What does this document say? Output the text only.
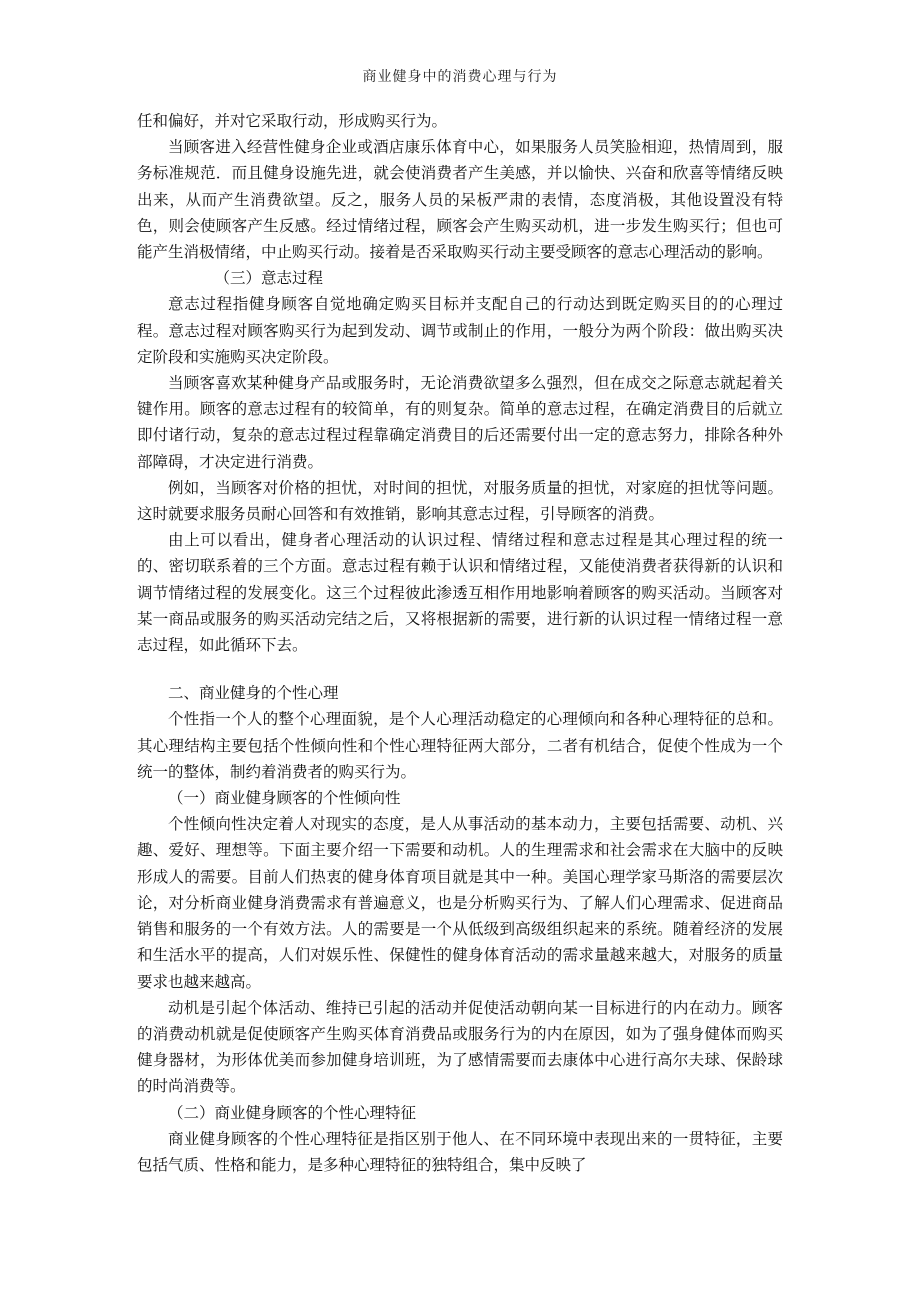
商业健身中的消费心理与行为

任和偏好，并对它采取行动，形成购买行为。

当顾客进入经营性健身企业或酒店康乐体育中心，如果服务人员笑脸相迎，热情周到，服务标准规范．而且健身设施先进，就会使消费者产生美感，并以愉快、兴奋和欣喜等情绪反映出来，从而产生消费欲望。反之，服务人员的呆板严肃的表情，态度消极，其他设置没有特色，则会使顾客产生反感。经过情绪过程，顾客会产生购买动机，进一步发生购买行；但也可能产生消极情绪，中止购买行动。接着是否采取购买行动主要受顾客的意志心理活动的影响。

（三）意志过程

意志过程指健身顾客自觉地确定购买目标并支配自己的行动达到既定购买目的的心理过程。意志过程对顾客购买行为起到发动、调节或制止的作用，一般分为两个阶段：做出购买决定阶段和实施购买决定阶段。

当顾客喜欢某种健身产品或服务时，无论消费欲望多么强烈，但在成交之际意志就起着关键作用。顾客的意志过程有的较简单，有的则复杂。简单的意志过程，在确定消费目的后就立即付诸行动，复杂的意志过程过程靠确定消费目的后还需要付出一定的意志努力，排除各种外部障碍，才决定进行消费。

例如，当顾客对价格的担忧，对时间的担忧，对服务质量的担忧，对家庭的担忧等问题。这时就要求服务员耐心回答和有效推销，影响其意志过程，引导顾客的消费。

由上可以看出，健身者心理活动的认识过程、情绪过程和意志过程是其心理过程的统一的、密切联系着的三个方面。意志过程有赖于认识和情绪过程，又能使消费者获得新的认识和调节情绪过程的发展变化。这三个过程彼此渗透互相作用地影响着顾客的购买活动。当顾客对某一商品或服务的购买活动完结之后，又将根据新的需要，进行新的认识过程一情绪过程一意志过程，如此循环下去。

二、商业健身的个性心理

个性指一个人的整个心理面貌，是个人心理活动稳定的心理倾向和各种心理特征的总和。其心理结构主要包括个性倾向性和个性心理特征两大部分，二者有机结合，促使个性成为一个统一的整体，制约着消费者的购买行为。

（一）商业健身顾客的个性倾向性

个性倾向性决定着人对现实的态度，是人从事活动的基本动力，主要包括需要、动机、兴趣、爱好、理想等。下面主要介绍一下需要和动机。人的生理需求和社会需求在大脑中的反映形成人的需要。目前人们热衷的健身体育项目就是其中一种。美国心理学家马斯洛的需要层次论，对分析商业健身消费需求有普遍意义，也是分析购买行为、了解人们心理需求、促进商品销售和服务的一个有效方法。人的需要是一个从低级到高级组织起来的系统。随着经济的发展和生活水平的提高，人们对娱乐性、保健性的健身体育活动的需求量越来越大，对服务的质量要求也越来越高。

动机是引起个体活动、维持已引起的活动并促使活动朝向某一目标进行的内在动力。顾客的消费动机就是促使顾客产生购买体育消费品或服务行为的内在原因，如为了强身健体而购买健身器材，为形体优美而参加健身培训班，为了感情需要而去康体中心进行高尔夫球、保龄球的时尚消费等。

（二）商业健身顾客的个性心理特征

商业健身顾客的个性心理特征是指区别于他人、在不同环境中表现出来的一贯特征，主要包括气质、性格和能力，是多种心理特征的独特组合，集中反映了
